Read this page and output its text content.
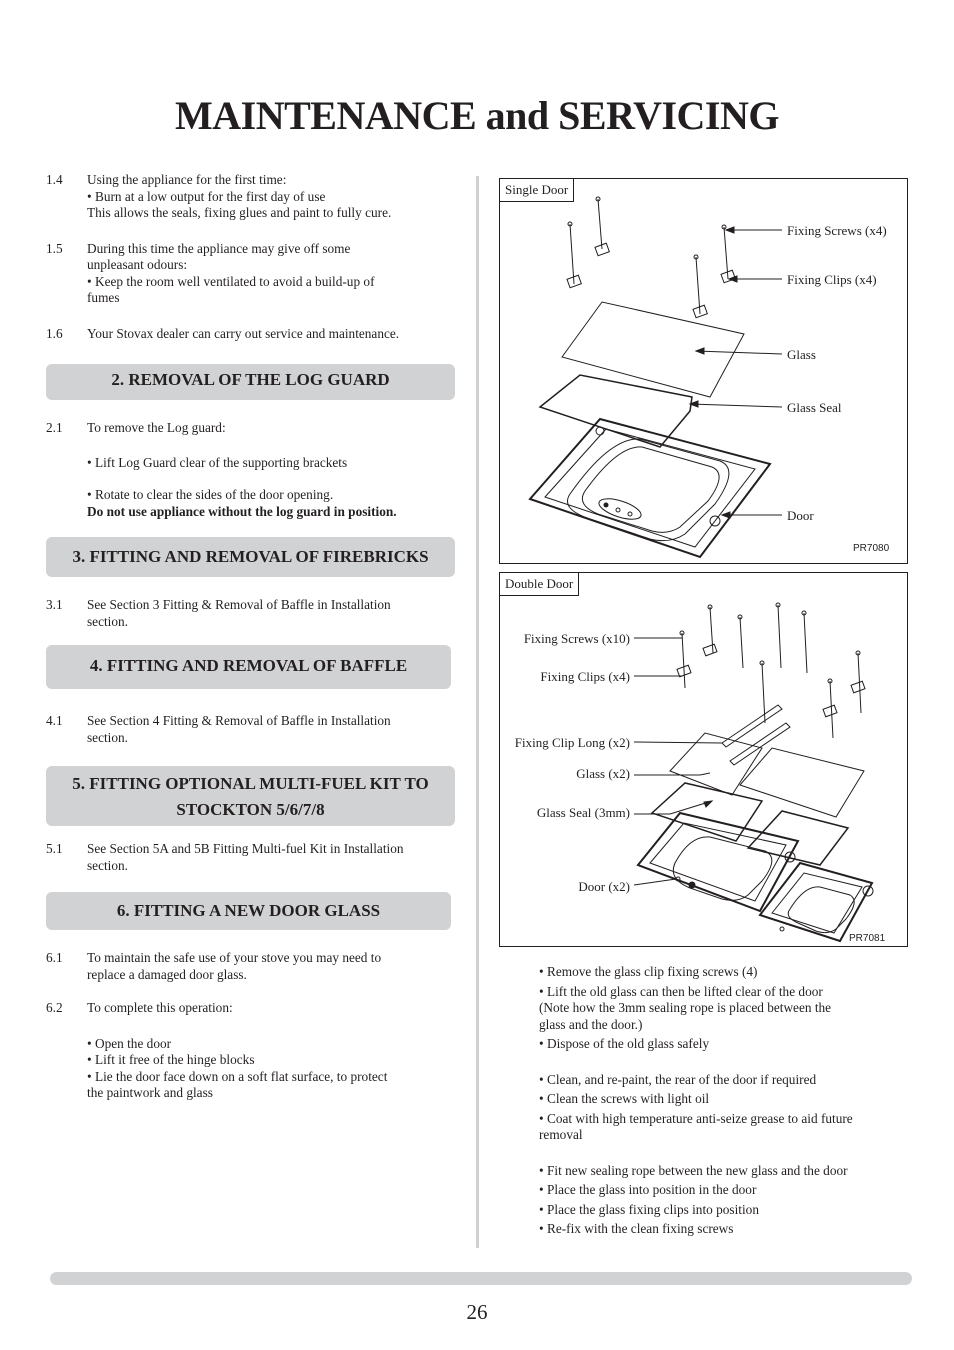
MAINTENANCE and SERVICING
1.4 Using the appliance for the first time:
• Burn at a low output for the first day of use
This allows the seals, fixing glues and paint to fully cure.
1.5 During this time the appliance may give off some
unpleasant odours:
• Keep the room well ventilated to avoid a build-up of
fumes
1.6 Your Stovax dealer can carry out service and maintenance.
2. REMOVAL OF THE LOG GUARD
2.1 To remove the Log guard:
• Lift Log Guard clear of the supporting brackets
• Rotate to clear the sides of the door opening.
Do not use appliance without the log guard in position.
3. FITTING AND REMOVAL OF FIREBRICKS
3.1 See Section 3 Fitting & Removal of Baffle in Installation
section.
4. FITTING AND REMOVAL OF BAFFLE
4.1 See Section 4 Fitting & Removal of Baffle in Installation
section.
5. FITTING OPTIONAL MULTI-FUEL KIT TO
STOCKTON 5/6/7/8
5.1 See Section 5A and 5B Fitting Multi-fuel Kit in Installation
section.
6. FITTING A NEW DOOR GLASS
6.1 To maintain the safe use of your stove you may need to
replace a damaged door glass.
6.2 To complete this operation:
• Open the door
• Lift it free of the hinge blocks
• Lie the door face down on a soft flat surface, to protect
the paintwork and glass
Single Door
Fixing Screws (x4)
Fixing Clips (x4)
Glass
Glass Seal
Door
PR7080
Double Door
Fixing Screws (x10)
Fixing Clips (x4)
Fixing Clip Long (x2)
Glass (x2)
Glass Seal (3mm)
Door (x2)
PR7081
• Remove the glass clip fixing screws (4)
• Lift the old glass can then be lifted clear of the door
(Note how the 3mm sealing rope is placed between the
glass and the door.)
• Dispose of the old glass safely
• Clean, and re-paint, the rear of the door if required
• Clean the screws with light oil
• Coat with high temperature anti-seize grease to aid future
removal
• Fit new sealing rope between the new glass and the door
• Place the glass into position in the door
• Place the glass fixing clips into position
• Re-fix with the clean fixing screws
26
